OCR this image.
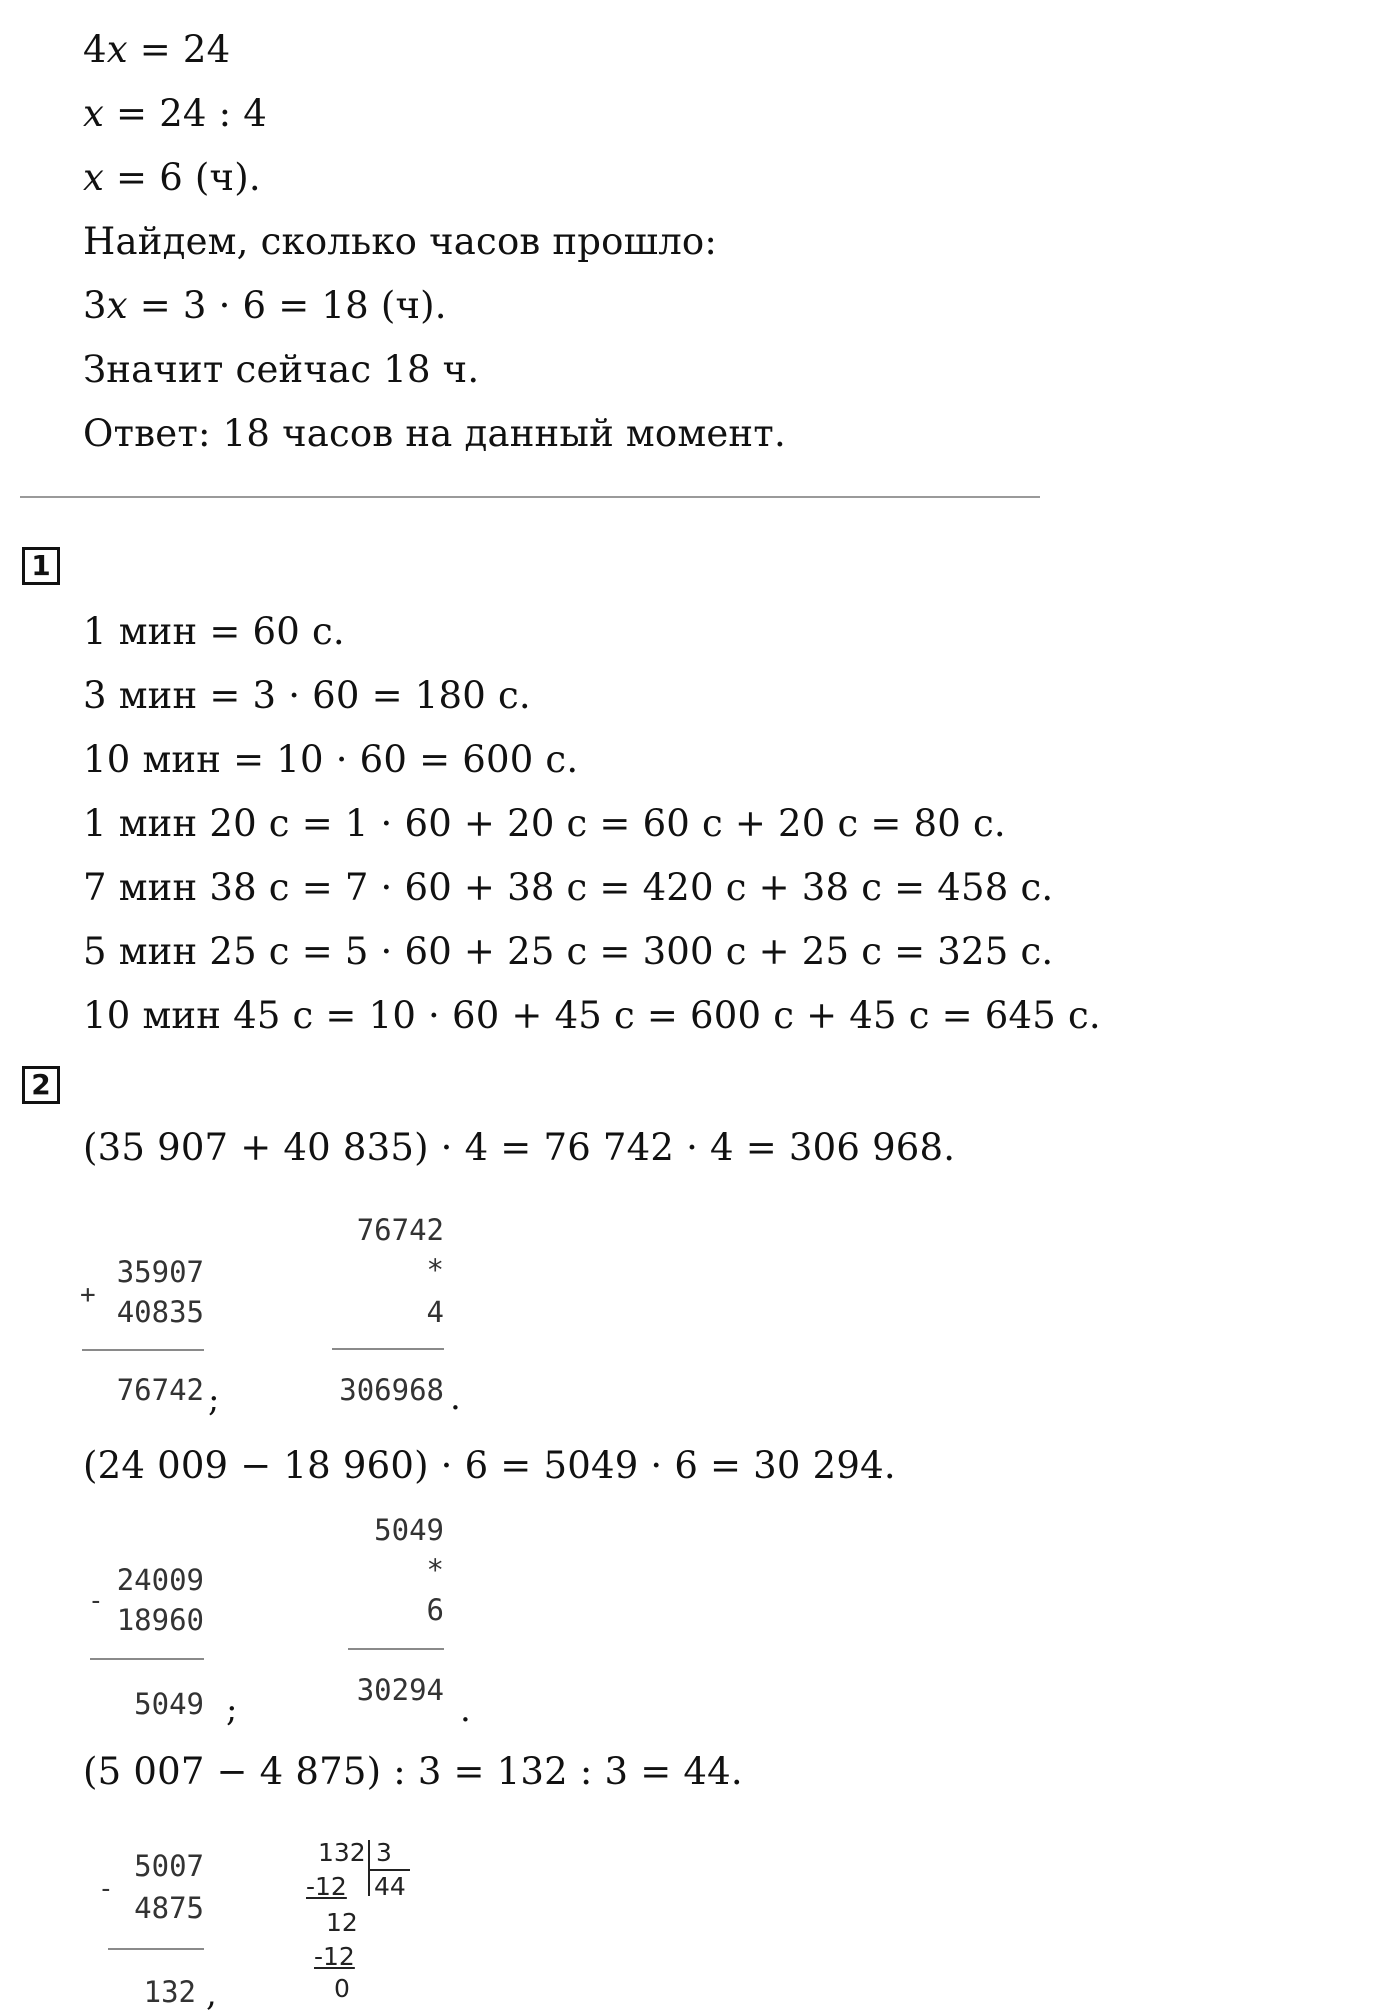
4𝑥 = 24
𝑥 = 24 : 4
𝑥 = 6 (ч).
Найдем, сколько часов прошло:
3𝑥 = 3 · 6 = 18 (ч).
Значит сейчас 18 ч.
Ответ: 18 часов на данный момент.
1
1 мин = 60 с.
3 мин = 3 · 60 = 180 с.
10 мин = 10 · 60 = 600 с.
1 мин 20 с = 1 · 60 + 20 с = 60 с + 20 с = 80 с.
7 мин 38 с = 7 · 60 + 38 с = 420 с + 38 с = 458 с.
5 мин 25 с = 5 · 60 + 25 с = 300 с + 25 с = 325 с.
10 мин 45 с = 10 · 60 + 45 с = 600 с + 45 с = 645 с.
2
(35 907 + 40 835) · 4 = 76 742 · 4 = 306 968.
+
35907
40835
76742 ;
76742
*
4
306968 .
(24 009 − 18 960) · 6 = 5049 · 6 = 30 294.
-
24009
18960
5049 ;
5049
*
6
30294 .
(5 007 − 4 875) : 3 = 132 : 3 = 44.
-
5007
4875
132 ,
132 3
-12 44
12
-12
0
